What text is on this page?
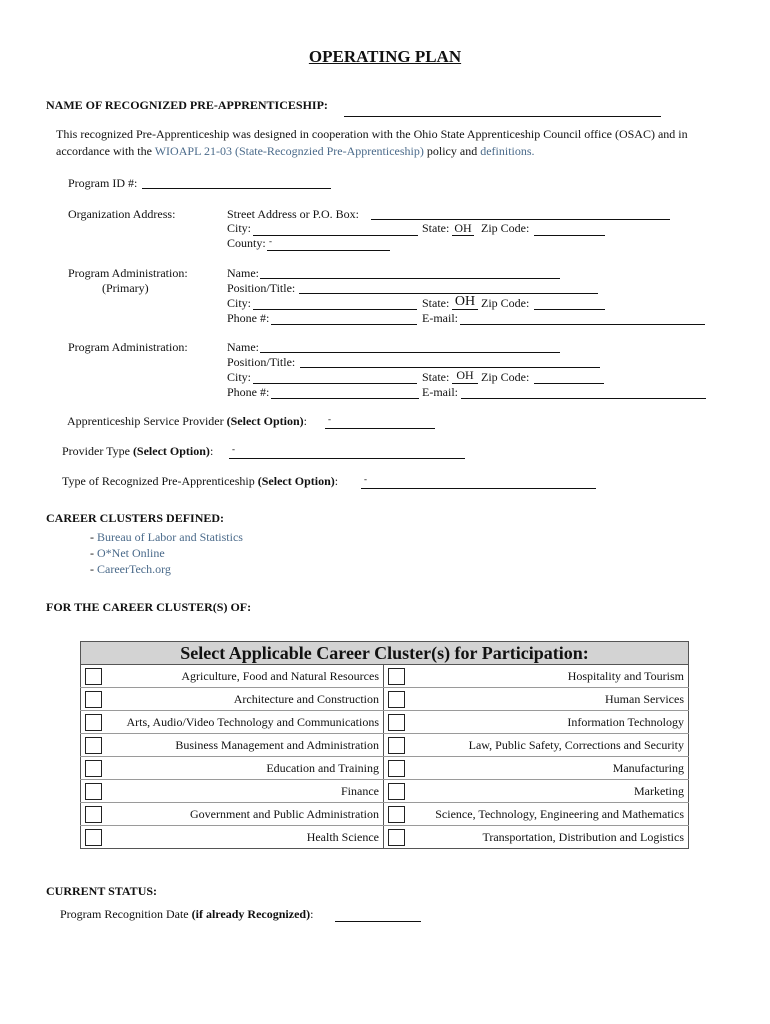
OPERATING PLAN
NAME OF RECOGNIZED PRE-APPRENTICESHIP:
This recognized Pre-Apprenticeship was designed in cooperation with the Ohio State Apprenticeship Council office (OSAC) and in accordance with the WIOAPL 21-03 (State-Recognzied Pre-Apprenticeship) policy and definitions.
Program ID #:
Organization Address:	Street Address or P.O. Box:
City:	State: OH Zip Code:
County: -
Program Administration:
(Primary)
Name:
Position/Title:
City:	State: OH Zip Code:
Phone #:	E-mail:
Program Administration:	Name:
Position/Title:
City:	State: OH Zip Code:
Phone #:	E-mail:
Apprenticeship Service Provider (Select Option): -
Provider Type (Select Option): -
Type of Recognized Pre-Apprenticeship (Select Option):	-
CAREER CLUSTERS DEFINED:
- Bureau of Labor and Statistics
- O*Net Online
- CareerTech.org
FOR THE CAREER CLUSTER(S) OF:
Select Applicable Career Cluster(s) for Participation:			
	Agriculture, Food and Natural Resources		Hospitality and Tourism
	Architecture and Construction		Human Services
	Arts, Audio/Video Technology and Communications		Information Technology
	Business Management and Administration		Law, Public Safety, Corrections and Security
	Education and Training		Manufacturing
	Finance		Marketing
	Government and Public Administration		Science, Technology, Engineering and Mathematics
	Health Science		Transportation, Distribution and Logistics
CURRENT STATUS:
Program Recognition Date (if already Recognized):
